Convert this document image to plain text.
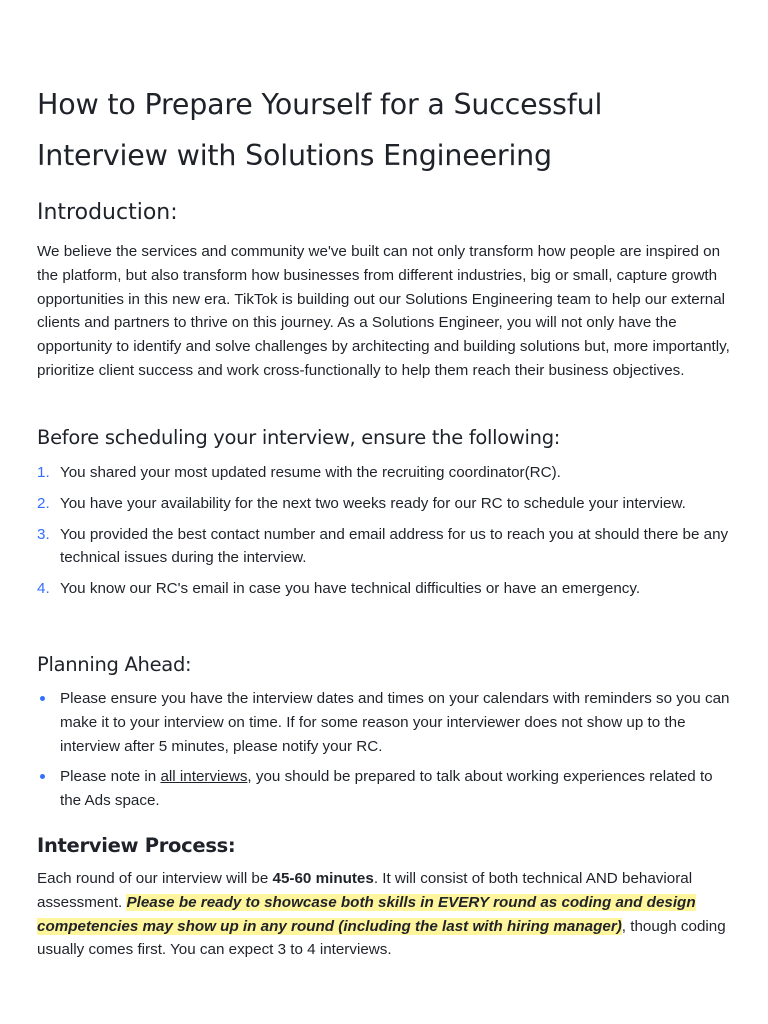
How to Prepare Yourself for a Successful Interview with Solutions Engineering
Introduction:

We believe the services and community we've built can not only transform how people are inspired on the platform, but also transform how businesses from different industries, big or small, capture growth opportunities in this new era. TikTok is building out our Solutions Engineering team to help our external clients and partners to thrive on this journey. As a Solutions Engineer, you will not only have the opportunity to identify and solve challenges by architecting and building solutions but, more importantly, prioritize client success and work cross-functionally to help them reach their business objectives.

Before scheduling your interview, ensure the following:
1. You shared your most updated resume with the recruiting coordinator(RC).
2. You have your availability for the next two weeks ready for our RC to schedule your interview.
3. You provided the best contact number and email address for us to reach you at should there be any technical issues during the interview.
4. You know our RC's email in case you have technical difficulties or have an emergency.
Planning Ahead:
Please ensure you have the interview dates and times on your calendars with reminders so you can make it to your interview on time. If for some reason your interviewer does not show up to the interview after 5 minutes, please notify your RC.
Please note in all interviews, you should be prepared to talk about working experiences related to the Ads space.
Interview Process:

Each round of our interview will be 45-60 minutes. It will consist of both technical AND behavioral assessment. Please be ready to showcase both skills in EVERY round as coding and design competencies may show up in any round (including the last with hiring manager), though coding usually comes first. You can expect 3 to 4 interviews.
